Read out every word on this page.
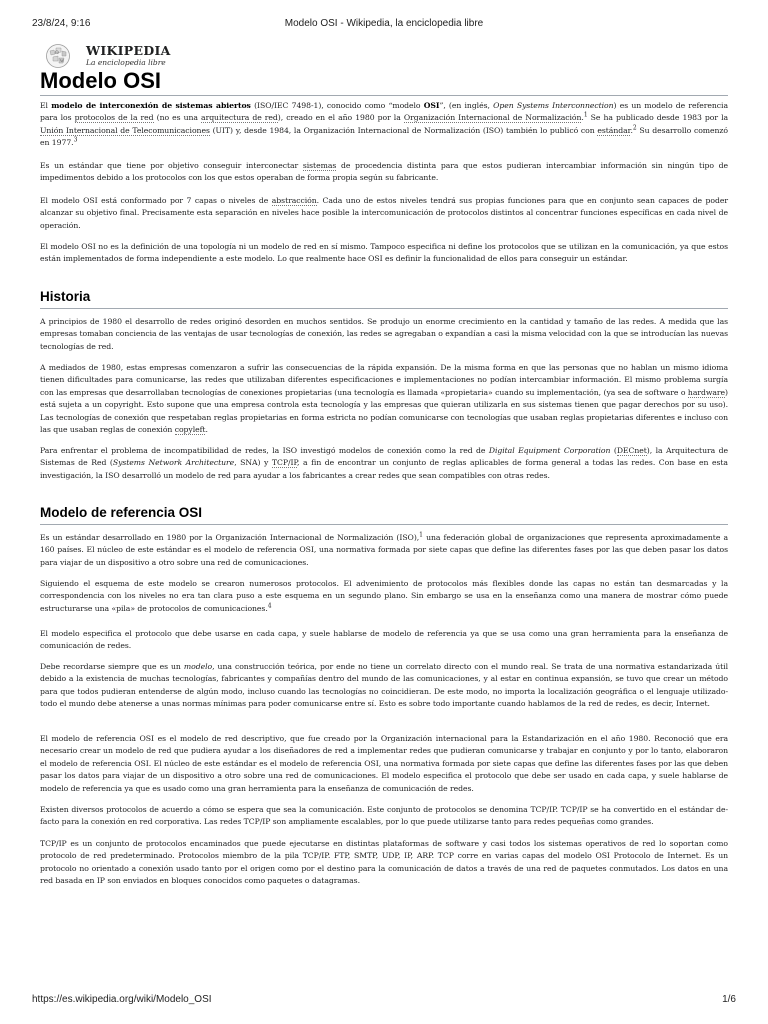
23/8/24, 9:16	Modelo OSI - Wikipedia, la enciclopedia libre
Ω
W
WIKIPEDIA
La enciclopedia libre
Modelo OSI

El modelo de interconexión de sistemas abiertos (ISO/IEC 7498-1), conocido como “modelo OSI”, (en inglés, Open Systems Interconnection) es un modelo de referencia para los protocolos de la red (no es una arquitectura de red), creado en el año 1980 por la Organización Internacional de Normalización.$^1$ Se ha publicado desde 1983 por la Unión Internacional de Telecomunicaciones (UIT) y, desde 1984, la Organización Internacional de Normalización (ISO) también lo publicó con estándar.$^2$ Su desarrollo comenzó en 1977.$^3$

Es un estándar que tiene por objetivo conseguir interconectar sistemas de procedencia distinta para que estos pudieran intercambiar información sin ningún tipo de impedimentos debido a los protocolos con los que estos operaban de forma propia según su fabricante.

El modelo OSI está conformado por 7 capas o niveles de abstracción. Cada uno de estos niveles tendrá sus propias funciones para que en conjunto sean capaces de poder alcanzar su objetivo final. Precisamente esta separación en niveles hace posible la intercomunicación de protocolos distintos al concentrar funciones específicas en cada nivel de operación.

El modelo OSI no es la definición de una topología ni un modelo de red en sí mismo. Tampoco especifica ni define los protocolos que se utilizan en la comunicación, ya que estos están implementados de forma independiente a este modelo. Lo que realmente hace OSI es definir la funcionalidad de ellos para conseguir un estándar.

Historia

A principios de 1980 el desarrollo de redes originó desorden en muchos sentidos. Se produjo un enorme crecimiento en la cantidad y tamaño de las redes. A medida que las empresas tomaban conciencia de las ventajas de usar tecnologías de conexión, las redes se agregaban o expandían a casi la misma velocidad con la que se introducían las nuevas tecnologías de red.

A mediados de 1980, estas empresas comenzaron a sufrir las consecuencias de la rápida expansión. De la misma forma en que las personas que no hablan un mismo idioma tienen dificultades para comunicarse, las redes que utilizaban diferentes especificaciones e implementaciones no podían intercambiar información. El mismo problema surgía con las empresas que desarrollaban tecnologías de conexiones propietarias (una tecnología es llamada «propietaria» cuando su implementación, (ya sea de software o hardware) está sujeta a un copyright. Esto supone que una empresa controla esta tecnología y las empresas que quieran utilizarla en sus sistemas tienen que pagar derechos por su uso). Las tecnologías de conexión que respetaban reglas propietarias en forma estricta no podían comunicarse con tecnologías que usaban reglas propietarias diferentes e incluso con las que usaban reglas de conexión copyleft.

Para enfrentar el problema de incompatibilidad de redes, la ISO investigó modelos de conexión como la red de Digital Equipment Corporation (DECnet), la Arquitectura de Sistemas de Red (Systems Network Architecture, SNA) y TCP/IP, a fin de encontrar un conjunto de reglas aplicables de forma general a todas las redes. Con base en esta investigación, la ISO desarrolló un modelo de red para ayudar a los fabricantes a crear redes que sean compatibles con otras redes.

Modelo de referencia OSI

Es un estándar desarrollado en 1980 por la Organización Internacional de Normalización (ISO),$^1$ una federación global de organizaciones que representa aproximadamente a 160 países. El núcleo de este estándar es el modelo de referencia OSI, una normativa formada por siete capas que define las diferentes fases por las que deben pasar los datos para viajar de un dispositivo a otro sobre una red de comunicaciones.

Siguiendo el esquema de este modelo se crearon numerosos protocolos. El advenimiento de protocolos más flexibles donde las capas no están tan desmarcadas y la correspondencia con los niveles no era tan clara puso a este esquema en un segundo plano. Sin embargo se usa en la enseñanza como una manera de mostrar cómo puede estructurarse una «pila» de protocolos de comunicaciones.$^4$

El modelo especifica el protocolo que debe usarse en cada capa, y suele hablarse de modelo de referencia ya que se usa como una gran herramienta para la enseñanza de comunicación de redes.

Debe recordarse siempre que es un modelo, una construcción teórica, por ende no tiene un correlato directo con el mundo real. Se trata de una normativa estandarizada útil debido a la existencia de muchas tecnologías, fabricantes y compañías dentro del mundo de las comunicaciones, y al estar en continua expansión, se tuvo que crear un método para que todos pudieran entenderse de algún modo, incluso cuando las tecnologías no coincidieran. De este modo, no importa la localización geográfica o el lenguaje utilizado- todo el mundo debe atenerse a unas normas mínimas para poder comunicarse entre sí. Esto es sobre todo importante cuando hablamos de la red de redes, es decir, Internet.

El modelo de referencia OSI es el modelo de red descriptivo, que fue creado por la Organización internacional para la Estandarización en el año 1980. Reconoció que era necesario crear un modelo de red que pudiera ayudar a los diseñadores de red a implementar redes que pudieran comunicarse y trabajar en conjunto y por lo tanto, elaboraron el modelo de referencia OSI. El núcleo de este estándar es el modelo de referencia OSI, una normativa formada por siete capas que define las diferentes fases por las que deben pasar los datos para viajar de un dispositivo a otro sobre una red de comunicaciones. El modelo especifica el protocolo que debe ser usado en cada capa, y suele hablarse de modelo de referencia ya que es usado como una gran herramienta para la enseñanza de comunicación de redes.

Existen diversos protocolos de acuerdo a cómo se espera que sea la comunicación. Este conjunto de protocolos se denomina TCP/IP. TCP/IP se ha convertido en el estándar de-facto para la conexión en red corporativa. Las redes TCP/IP son ampliamente escalables, por lo que puede utilizarse tanto para redes pequeñas como grandes.

TCP/IP es un conjunto de protocolos encaminados que puede ejecutarse en distintas plataformas de software y casi todos los sistemas operativos de red lo soportan como protocolo de red predeterminado. Protocolos miembro de la pila TCP/IP. FTP, SMTP, UDP, IP, ARP. TCP corre en varias capas del modelo OSI Protocolo de Internet. Es un protocolo no orientado a conexión usado tanto por el origen como por el destino para la comunicación de datos a través de una red de paquetes conmutados. Los datos en una red basada en IP son enviados en bloques conocidos como paquetes o datagramas.

https://es.wikipedia.org/wiki/Modelo_OSI	1/6
